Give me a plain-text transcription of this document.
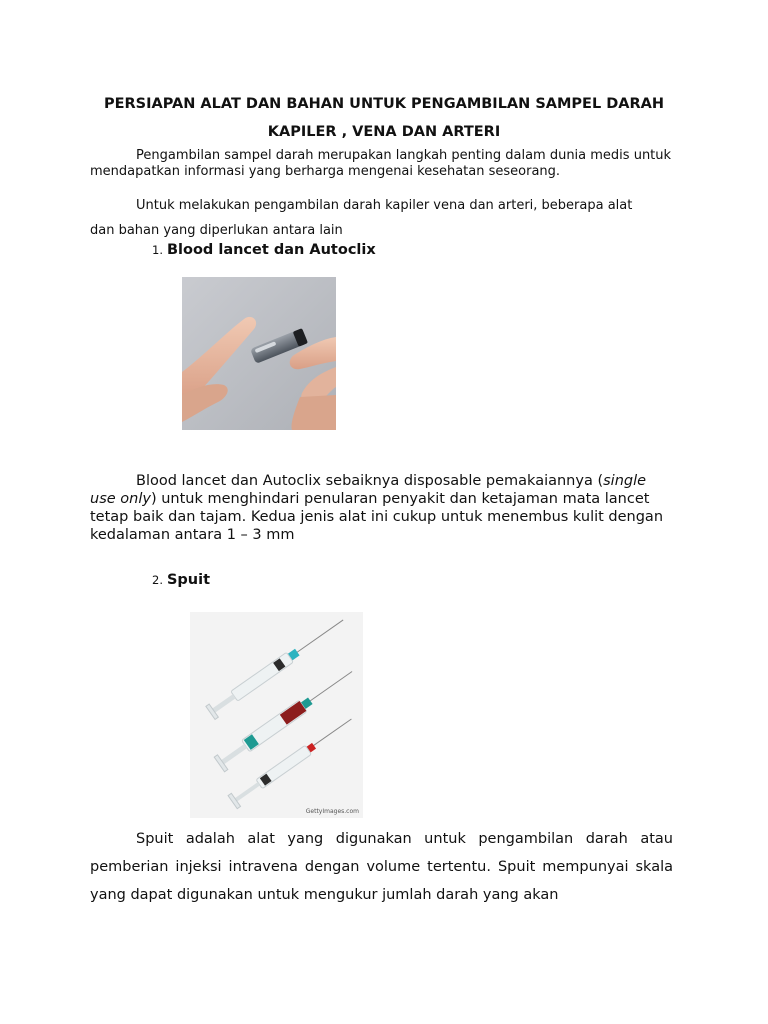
PERSIAPAN ALAT DAN BAHAN UNTUK PENGAMBILAN SAMPEL DARAH
KAPILER , VENA DAN ARTERI

Pengambilan sampel darah merupakan langkah penting dalam dunia medis untuk mendapatkan informasi yang berharga mengenai kesehatan seseorang.

Untuk melakukan pengambilan darah kapiler vena dan arteri, beberapa alat

dan bahan yang diperlukan antara lain

1. Blood lancet dan Autoclix

Blood lancet dan Autoclix sebaiknya disposable pemakaiannya (single use only) untuk menghindari penularan penyakit dan ketajaman mata lancet tetap baik dan tajam. Kedua jenis alat ini cukup untuk menembus kulit dengan kedalaman antara 1 – 3 mm

2. Spuit
GettyImages.com

Spuit adalah alat yang digunakan untuk pengambilan darah atau pemberian injeksi intravena dengan volume tertentu. Spuit mempunyai skala yang dapat digunakan untuk mengukur jumlah darah yang akan
